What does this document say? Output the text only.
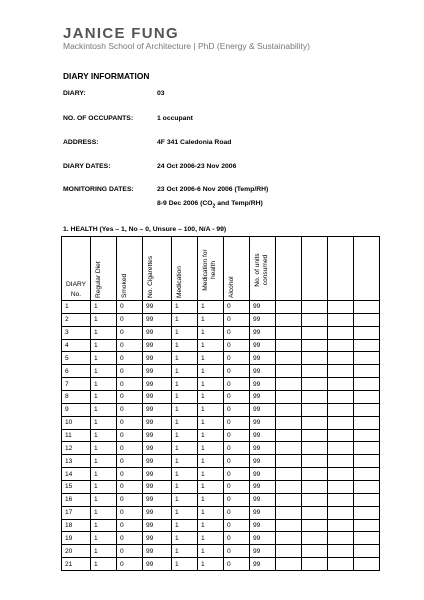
JANICE FUNG
Mackintosh School of Architecture | PhD (Energy & Sustainability)
DIARY INFORMATION
DIARY:	03
NO. OF OCCUPANTS:	1 occupant
ADDRESS:	4F 341 Caledonia Road
DIARY DATES:	24 Oct 2006-23 Nov 2006
MONITORING DATES:	23 Oct 2006-6 Nov 2006 (Temp/RH)
8-9 Dec 2006 ($CO_2$ and Temp/RH)
1. HEALTH (Yes – 1, No – 0, Unsure – 100, N/A - 99)
DIARY
No.	Regular Diet	Smoked	No. Cigarettes	Medication	Medication for health	Alcohol	No. of units consumed				

1	1	0	99	1	1	0	99				
2	1	0	99	1	1	0	99				
3	1	0	99	1	1	0	99				
4	1	0	99	1	1	0	99				
5	1	0	99	1	1	0	99				
6	1	0	99	1	1	0	99				
7	1	0	99	1	1	0	99				
8	1	0	99	1	1	0	99				
9	1	0	99	1	1	0	99				
10	1	0	99	1	1	0	99				
11	1	0	99	1	1	0	99				
12	1	0	99	1	1	0	99				
13	1	0	99	1	1	0	99				
14	1	0	99	1	1	0	99				
15	1	0	99	1	1	0	99				
16	1	0	99	1	1	0	99				
17	1	0	99	1	1	0	99				
18	1	0	99	1	1	0	99				
19	1	0	99	1	1	0	99				
20	1	0	99	1	1	0	99				
21	1	0	99	1	1	0	99				
